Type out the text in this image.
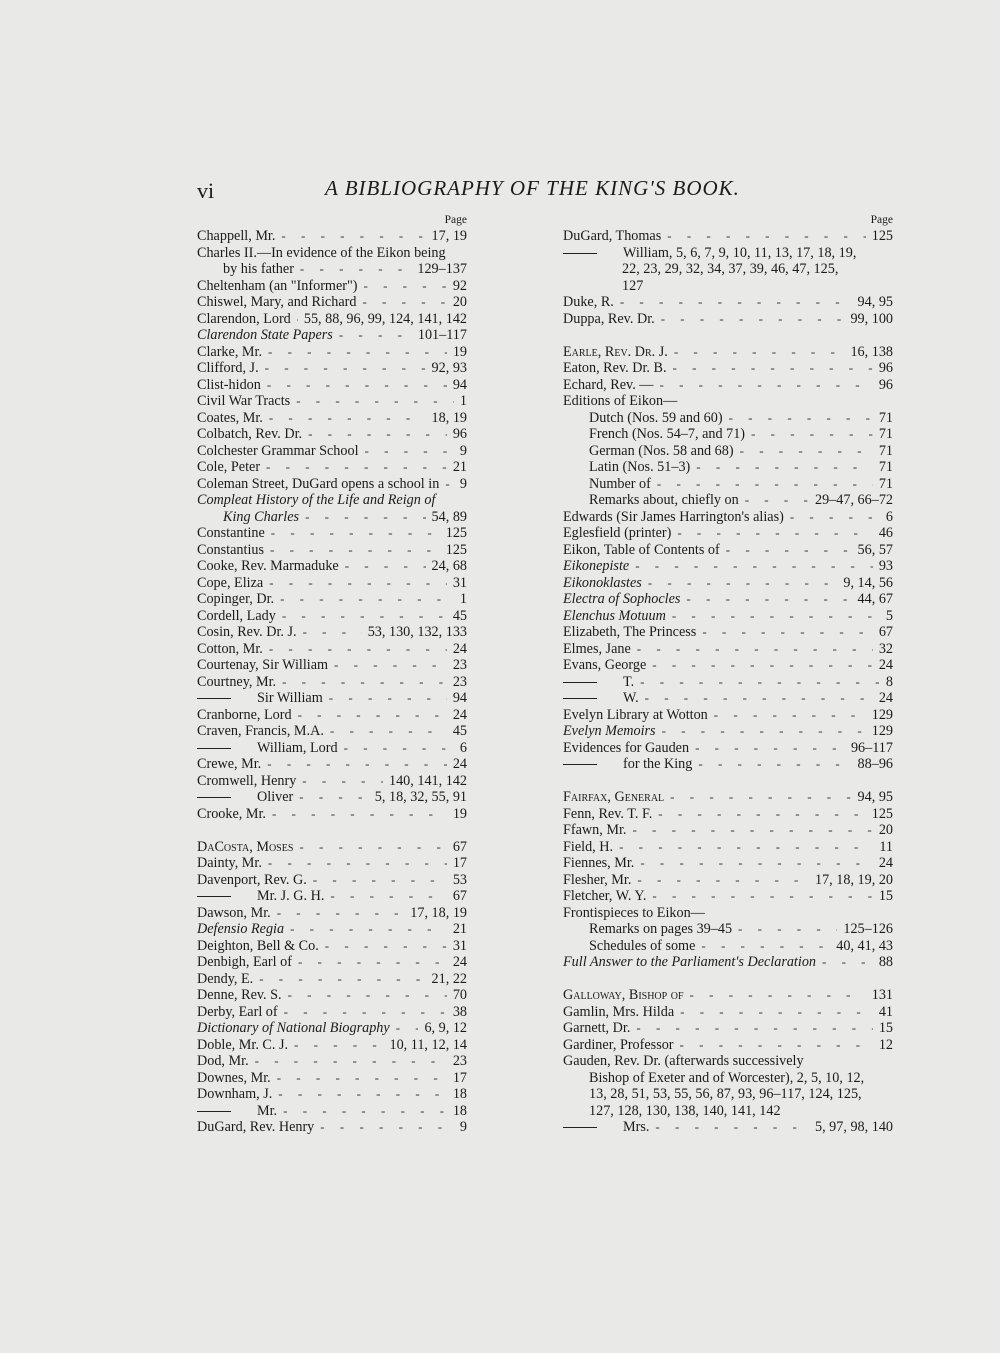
vi	A BIBLIOGRAPHY OF THE KING'S BOOK.
Page
Chappell, Mr. - - -	17, 19
Charles II.—In evidence of the Eikon being
by his father - - -	129–137
Cheltenham (an "Informer") - - -	92
Chiswel, Mary, and Richard - - -	20
Clarendon, Lord - - - 55, 88, 96, 99, 124, 141, 142
Clarendon State Papers - - -	101–117
Clarke, Mr. - - -	19
Clifford, J. - - -	92, 93
Clist-hidon - - -	94
Civil War Tracts - - -	1
Coates, Mr. - - -	18, 19
Colbatch, Rev. Dr. - - -	96
Colchester Grammar School - - -	9
Cole, Peter - - -	21
Coleman Street, DuGard opens a school in - - - 9
Compleat History of the Life and Reign of
King Charles - - -	54, 89
Constantine - - -	125
Constantius - - -	125
Cooke, Rev. Marmaduke - - -	24, 68
Cope, Eliza - - -	31
Copinger, Dr. - - -	1
Cordell, Lady - - -	45
Cosin, Rev. Dr. J. - - -	53, 130, 132, 133
Cotton, Mr. - - -	24
Courtenay, Sir William - - -	23
Courtney, Mr. - - -	23
Sir William - - -	94
Cranborne, Lord - - -	24
Craven, Francis, M.A. - - -	45
William, Lord - - -	6
Crewe, Mr. - - -	24
Cromwell, Henry - - -	140, 141, 142
Oliver - - -	5, 18, 32, 55, 91
Crooke, Mr. - - -	19
DaCosta, Moses - - -	67
Dainty, Mr. - - -	17
Davenport, Rev. G. - - -	53
Mr. J. G. H. - - -	67
Dawson, Mr. - - -	17, 18, 19
Defensio Regia - - -	21
Deighton, Bell & Co. - - -	31
Denbigh, Earl of - - -	24
Dendy, E. - - -	21, 22
Denne, Rev. S. - - -	70
Derby, Earl of - - -	38
Dictionary of National Biography - - - 6, 9, 12
Doble, Mr. C. J. - - -	10, 11, 12, 14
Dod, Mr. - - -	23
Downes, Mr. - - -	17
Downham, J. - - -	18
Mr. - - -	18
DuGard, Rev. Henry - - -	9
Page
DuGard, Thomas - - -	125
William, 5, 6, 7, 9, 10, 11, 13, 17, 18, 19,
22, 23, 29, 32, 34, 37, 39, 46, 47, 125,
127
Duke, R. - - -	94, 95
Duppa, Rev. Dr. - - -	99, 100
Earle, Rev. Dr. J. - - -	16, 138
Eaton, Rev. Dr. B. - - -	96
Echard, Rev. — - - -	96
Editions of Eikon—
Dutch (Nos. 59 and 60) - - -	71
French (Nos. 54–7, and 71) - - -	71
German (Nos. 58 and 68) - - -	71
Latin (Nos. 51–3) - - -	71
Number of - - -	71
Remarks about, chiefly on - - -	29–47, 66–72
Edwards (Sir James Harrington's alias) - - -	6
Eglesfield (printer) - - -	46
Eikon, Table of Contents of - - -	56, 57
Eikonepiste - - -	93
Eikonoklastes - - -	9, 14, 56
Electra of Sophocles - - -	44, 67
Elenchus Motuum - - -	5
Elizabeth, The Princess - - -	67
Elmes, Jane - - -	32
Evans, George - - -	24
T. - - -	8
W. - - -	24
Evelyn Library at Wotton - - -	129
Evelyn Memoirs - - -	129
Evidences for Gauden - - -	96–117
for the King - - -	88–96
Fairfax, General - - -	94, 95
Fenn, Rev. T. F. - - -	125
Ffawn, Mr. - - -	20
Field, H. - - -	11
Fiennes, Mr. - - -	24
Flesher, Mr. - - -	17, 18, 19, 20
Fletcher, W. Y. - - -	15
Frontispieces to Eikon—
Remarks on pages 39–45 - - -	125–126
Schedules of some - - -	40, 41, 43
Full Answer to the Parliament's Declaration - - -	88
Galloway, Bishop of - - -	131
Gamlin, Mrs. Hilda - - -	41
Garnett, Dr. - - -	15
Gardiner, Professor - - -	12
Gauden, Rev. Dr. (afterwards successively
Bishop of Exeter and of Worcester), 2, 5, 10, 12,
13, 28, 51, 53, 55, 56, 87, 93, 96–117, 124, 125,
127, 128, 130, 138, 140, 141, 142
Mrs. - - -	5, 97, 98, 140
